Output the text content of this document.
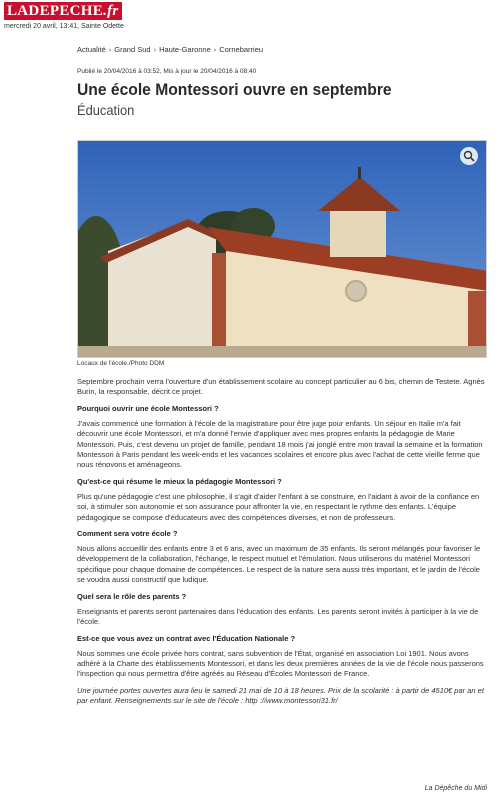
LADEPECHE.fr
mercredi 20 avril, 13:41, Sainte Odette
Actualité › Grand Sud › Haute-Garonne › Cornebarrieu
Publié le 20/04/2016 à 03:52, Mis à jour le 20/04/2016 à 08:40
Une école Montessori ouvre en septembre
Éducation
Locaux de l'école./Photo DDM

Septembre prochain verra l'ouverture d'un établissement scolaire au concept particulier au 6 bis, chemin de Testete. Agnès Burin, la responsable, décrit ce projet.

Pourquoi ouvrir une école Montessori ?

J'avais commencé une formation à l'école de la magistrature pour être juge pour enfants. Un séjour en Italie m'a fait découvrir une école Montessori, et m'a donné l'envie d'appliquer avec mes propres enfants la pédagogie de Marie Montessori. Puis, c'est devenu un projet de famille, pendant 18 mois j'ai jonglé entre mon travail la semaine et la formation Montessori à Paris pendant les week-ends et les vacances scolaires et encore plus avec l'achat de cette vieille ferme que nous rénovons et aménageons.

Qu'est-ce qui résume le mieux la pédagogie Montessori ?

Plus qu'une pédagogie c'est une philosophie, il s'agit d'aider l'enfant à se construire, en l'aidant à avoir de la confiance en soi, à stimuler son autonomie et son assurance pour affronter la vie, en respectant le rythme des enfants. L'équipe pédagogique se compose d'éducateurs avec des compétences diverses, et non de professeurs.

Comment sera votre école ?

Nous allons accueillir des enfants entre 3 et 6 ans, avec un maximum de 35 enfants. Ils seront mélangés pour favoriser le développement de la collaboration, l'échange, le respect mutuel et l'émulation. Nous utiliserons du matériel Montessori spécifique pour chaque domaine de compétences. Le respect de la nature sera aussi très important, et le jardin de l'école se voudra aussi constructif que ludique.

Quel sera le rôle des parents ?

Enseignants et parents seront partenaires dans l'éducation des enfants. Les parents seront invités à participer à la vie de l'école.

Est-ce que vous avez un contrat avec l'Éducation Nationale ?

Nous sommes une école privée hors contrat, sans subvention de l'État, organisé en association Loi 1901. Nous avons adhéré à la Charte des établissements Montessori, et dans les deux premières années de la vie de l'école nous passerons l'inspection qui nous permettra d'être agréés au Réseau d'Écoles Montessori de France.

Une journée portes ouvertes aura lieu le samedi 21 mai de 10 à 18 heures. Prix de la scolarité : à partir de 4510€ par an et par enfant. Renseignements sur le site de l'école : http ://www.montessori31.fr/

La Dépêche du Midi
